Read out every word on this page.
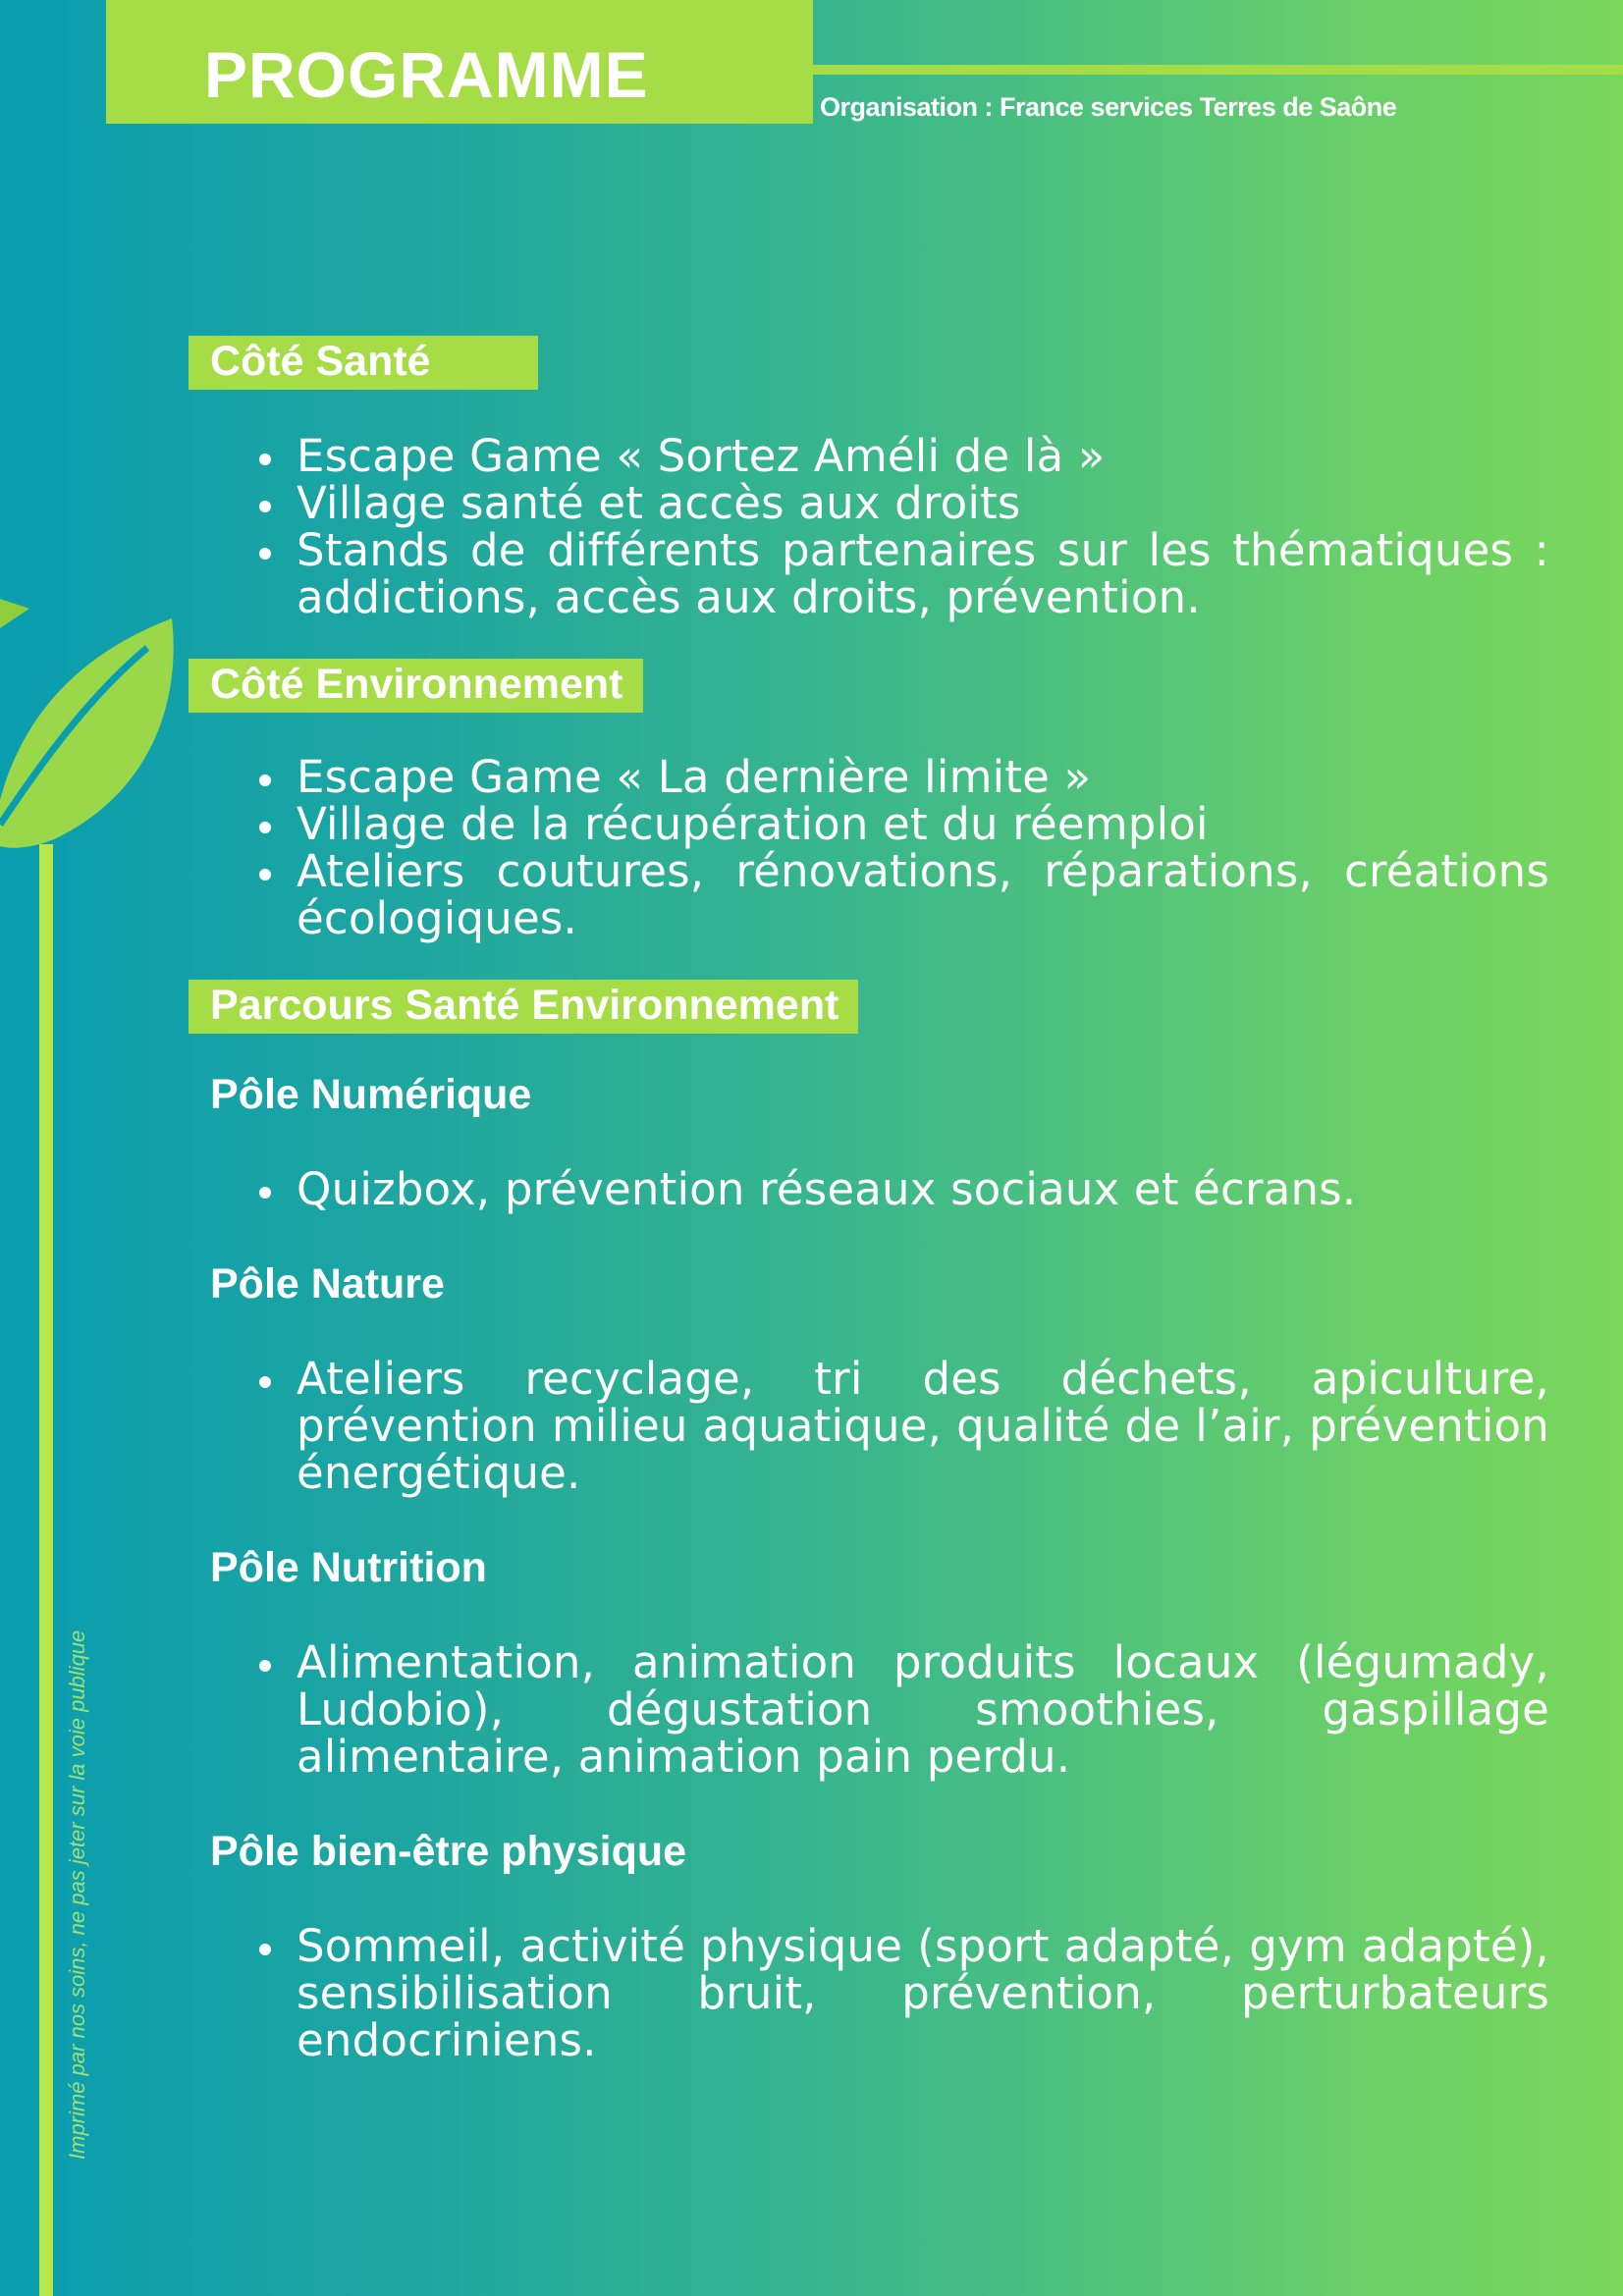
PROGRAMME	Organisation : France services Terres de Saône
Imprimé par nos soins, ne pas jeter sur la voie publique
Côté Santé
Escape Game « Sortez Améli de là »
Village santé et accès aux droits
Stands de différents partenaires sur les thématiques : addictions, accès aux droits, prévention.
Côté Environnement
Escape Game « La dernière limite »
Village de la récupération et du réemploi
Ateliers coutures, rénovations, réparations, créations écologiques.
Parcours Santé Environnement
Pôle Numérique
Quizbox, prévention réseaux sociaux et écrans.
Pôle Nature
Ateliers recyclage, tri des déchets, apiculture, prévention milieu aquatique, qualité de l’air, prévention énergétique.
Pôle Nutrition
Alimentation, animation produits locaux (légumady, Ludobio), dégustation smoothies, gaspillage alimentaire, animation pain perdu.
Pôle bien-être physique
Sommeil, activité physique (sport adapté, gym adapté), sensibilisation bruit, prévention, perturbateurs endocriniens.
